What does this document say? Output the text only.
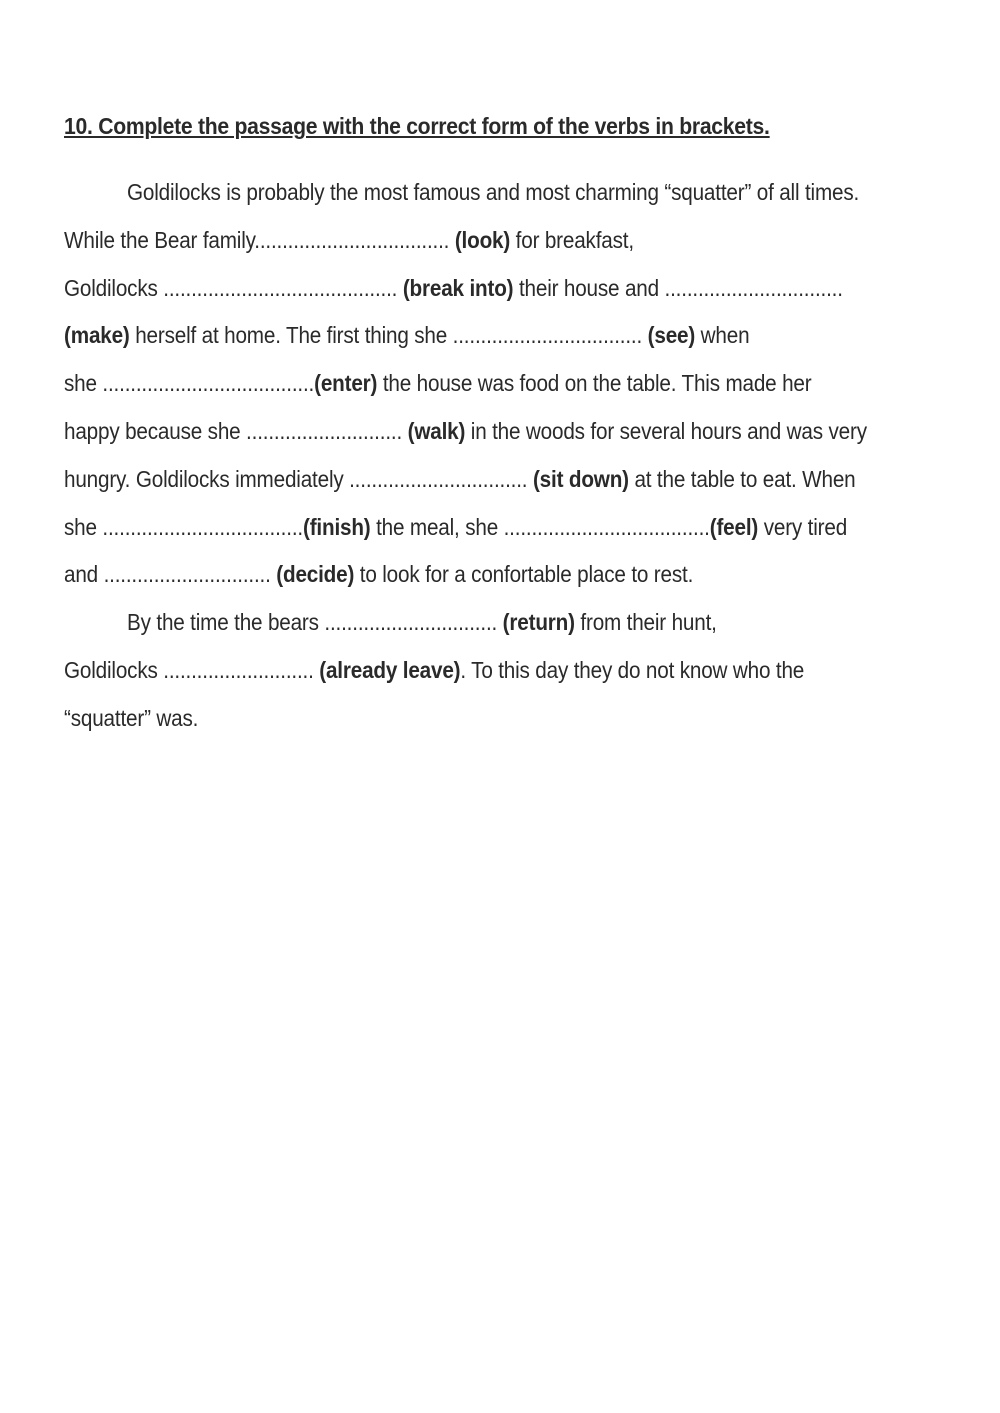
10. Complete the passage with the correct form of the verbs in brackets.
Goldilocks is probably the most famous and most charming “squatter” of all times.
While the Bear family................................... (look) for breakfast,
Goldilocks .......................................... (break into) their house and ................................
(make) herself at home. The first thing she .................................. (see) when
she ......................................(enter) the house was food on the table. This made her
happy because she ............................ (walk) in the woods for several hours and was very
hungry. Goldilocks immediately ................................ (sit down) at the table to eat. When
she ....................................(finish) the meal, she .....................................(feel) very tired
and .............................. (decide) to look for a confortable place to rest.
By the time the bears ............................... (return) from their hunt,
Goldilocks ........................... (already leave). To this day they do not know who the
“squatter” was.
